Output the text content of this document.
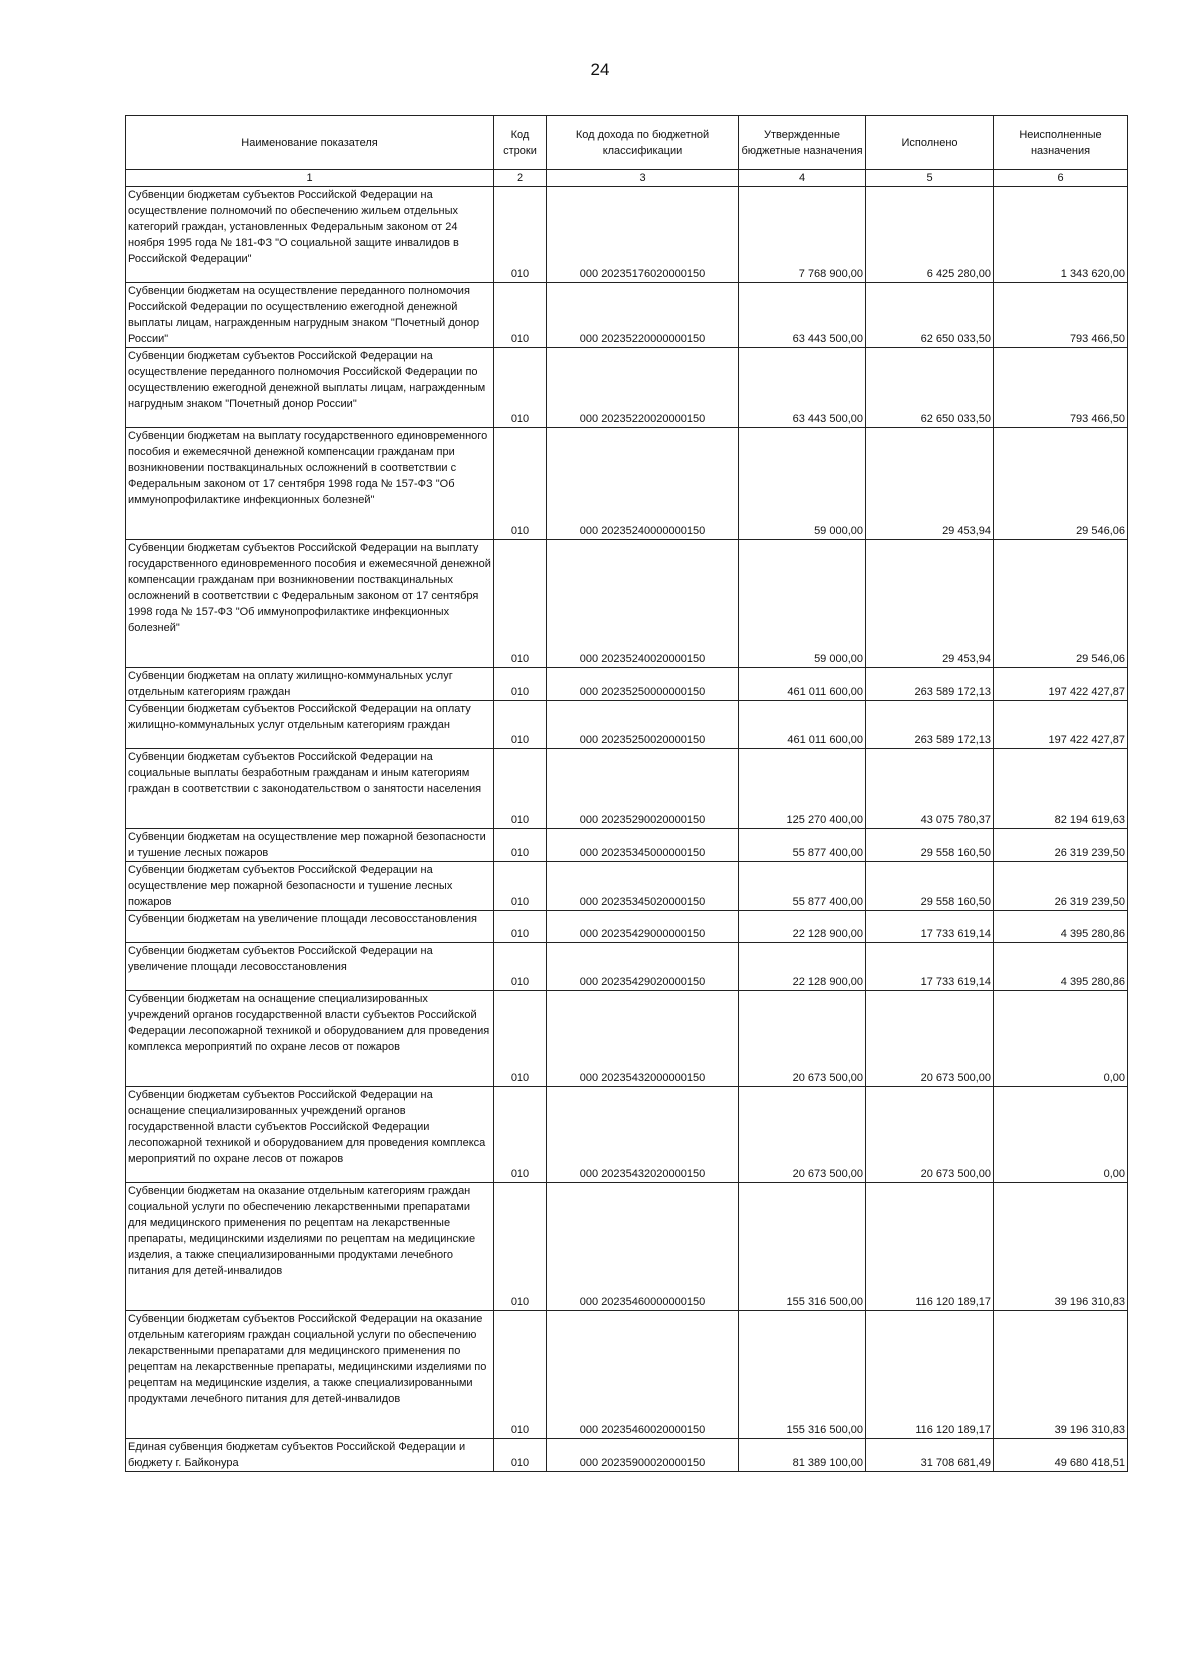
24
Наименование показателя	Код строки	Код дохода по бюджетной классификации	Утвержденные бюджетные назначения	Исполнено	Неисполненные назначения
1	2	3	4	5	6
Субвенции бюджетам субъектов Российской Федерации на осуществление полномочий по обеспечению жильем отдельных категорий граждан, установленных Федеральным законом от 24 ноября 1995 года № 181-ФЗ "О социальной защите инвалидов в Российской Федерации"	010	000 20235176020000150	7 768 900,00	6 425 280,00	1 343 620,00
Субвенции бюджетам на осуществление переданного полномочия Российской Федерации по осуществлению ежегодной денежной выплаты лицам, награжденным нагрудным знаком "Почетный донор России"	010	000 20235220000000150	63 443 500,00	62 650 033,50	793 466,50
Субвенции бюджетам субъектов Российской Федерации на осуществление переданного полномочия Российской Федерации по осуществлению ежегодной денежной выплаты лицам, награжденным нагрудным знаком "Почетный донор России"	010	000 20235220020000150	63 443 500,00	62 650 033,50	793 466,50
Субвенции бюджетам на выплату государственного единовременного пособия и ежемесячной денежной компенсации гражданам при возникновении поствакцинальных осложнений в соответствии с Федеральным законом от 17 сентября 1998 года № 157-ФЗ "Об иммунопрофилактике инфекционных болезней"	010	000 20235240000000150	59 000,00	29 453,94	29 546,06
Субвенции бюджетам субъектов Российской Федерации на выплату государственного единовременного пособия и ежемесячной денежной компенсации гражданам при возникновении поствакцинальных осложнений в соответствии с Федеральным законом от 17 сентября 1998 года № 157-ФЗ "Об иммунопрофилактике инфекционных болезней"	010	000 20235240020000150	59 000,00	29 453,94	29 546,06
Субвенции бюджетам на оплату жилищно-коммунальных услуг отдельным категориям граждан	010	000 20235250000000150	461 011 600,00	263 589 172,13	197 422 427,87
Субвенции бюджетам субъектов Российской Федерации на оплату жилищно-коммунальных услуг отдельным категориям граждан	010	000 20235250020000150	461 011 600,00	263 589 172,13	197 422 427,87
Субвенции бюджетам субъектов Российской Федерации на социальные выплаты безработным гражданам и иным категориям граждан в соответствии с законодательством о занятости населения	010	000 20235290020000150	125 270 400,00	43 075 780,37	82 194 619,63
Субвенции бюджетам на осуществление мер пожарной безопасности и тушение лесных пожаров	010	000 20235345000000150	55 877 400,00	29 558 160,50	26 319 239,50
Субвенции бюджетам субъектов Российской Федерации на осуществление мер пожарной безопасности и тушение лесных пожаров	010	000 20235345020000150	55 877 400,00	29 558 160,50	26 319 239,50
Субвенции бюджетам на увеличение площади лесовосстановления	010	000 20235429000000150	22 128 900,00	17 733 619,14	4 395 280,86
Субвенции бюджетам субъектов Российской Федерации на увеличение площади лесовосстановления	010	000 20235429020000150	22 128 900,00	17 733 619,14	4 395 280,86
Субвенции бюджетам на оснащение специализированных учреждений органов государственной власти субъектов Российской Федерации лесопожарной техникой и оборудованием для проведения комплекса мероприятий по охране лесов от пожаров	010	000 20235432000000150	20 673 500,00	20 673 500,00	0,00
Субвенции бюджетам субъектов Российской Федерации на оснащение специализированных учреждений органов государственной власти субъектов Российской Федерации лесопожарной техникой и оборудованием для проведения комплекса мероприятий по охране лесов от пожаров	010	000 20235432020000150	20 673 500,00	20 673 500,00	0,00
Субвенции бюджетам на оказание отдельным категориям граждан социальной услуги по обеспечению лекарственными препаратами для медицинского применения по рецептам на лекарственные препараты, медицинскими изделиями по рецептам на медицинские изделия, а также специализированными продуктами лечебного питания для детей-инвалидов	010	000 20235460000000150	155 316 500,00	116 120 189,17	39 196 310,83
Субвенции бюджетам субъектов Российской Федерации на оказание отдельным категориям граждан социальной услуги по обеспечению лекарственными препаратами для медицинского применения по рецептам на лекарственные препараты, медицинскими изделиями по рецептам на медицинские изделия, а также специализированными продуктами лечебного питания для детей-инвалидов	010	000 20235460020000150	155 316 500,00	116 120 189,17	39 196 310,83
Единая субвенция бюджетам субъектов Российской Федерации и бюджету г. Байконура	010	000 20235900020000150	81 389 100,00	31 708 681,49	49 680 418,51
